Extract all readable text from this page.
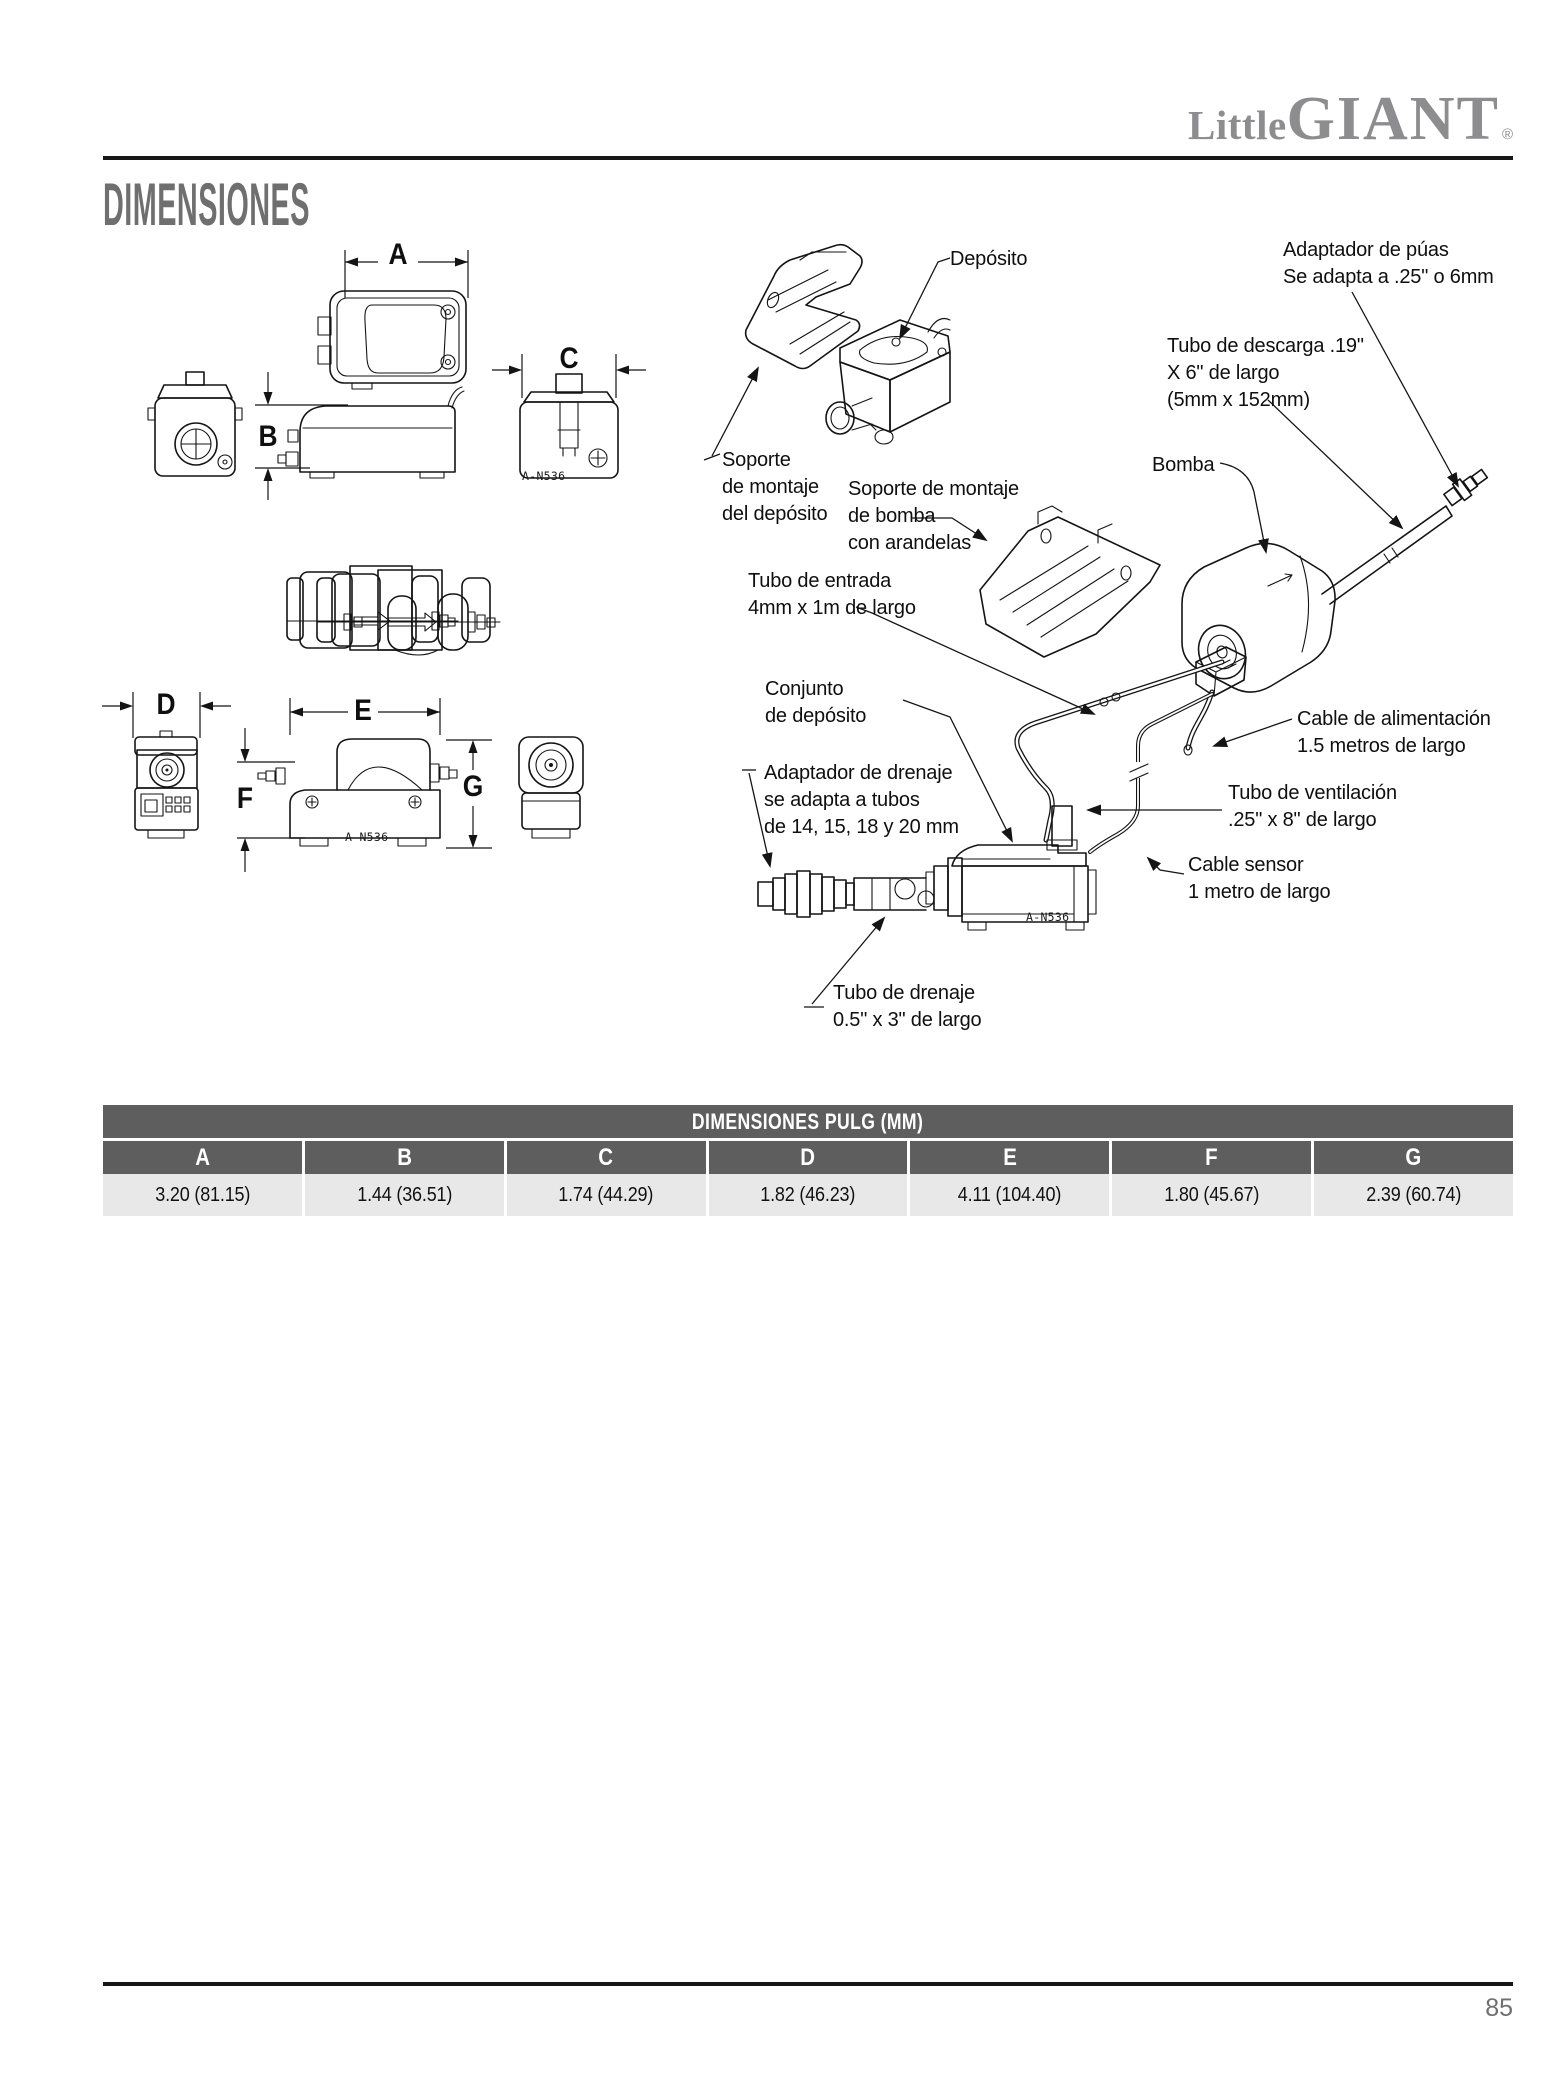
Little GIANT ®
DIMENSIONES
A
B
C
D	E
F	G
A-N536
A-N536
A-N536
Depósito	Adaptador de púas
Se adapta a .25" o 6mm
Tubo de descarga .19"
X 6" de largo
(5mm x 152mm)
Soporte
de montaje
del depósito
Soporte de montaje
de bomba
con arandelas
Bomba
Tubo de entrada
4mm x 1m de largo
Conjunto
de depósito	Cable de alimentación
1.5 metros de largo
Adaptador de drenaje
se adapta a tubos
de 14, 15, 18 y 20 mm
Tubo de ventilación
.25" x 8" de largo
Cable sensor
1 metro de largo
Tubo de drenaje
0.5" x 3" de largo
DIMENSIONES PULG (MM)
A	B	C	D	E	F	G
3.20 (81.15)	1.44 (36.51)	1.74 (44.29)	1.82 (46.23)	4.11 (104.40)	1.80 (45.67)	2.39 (60.74)
85
